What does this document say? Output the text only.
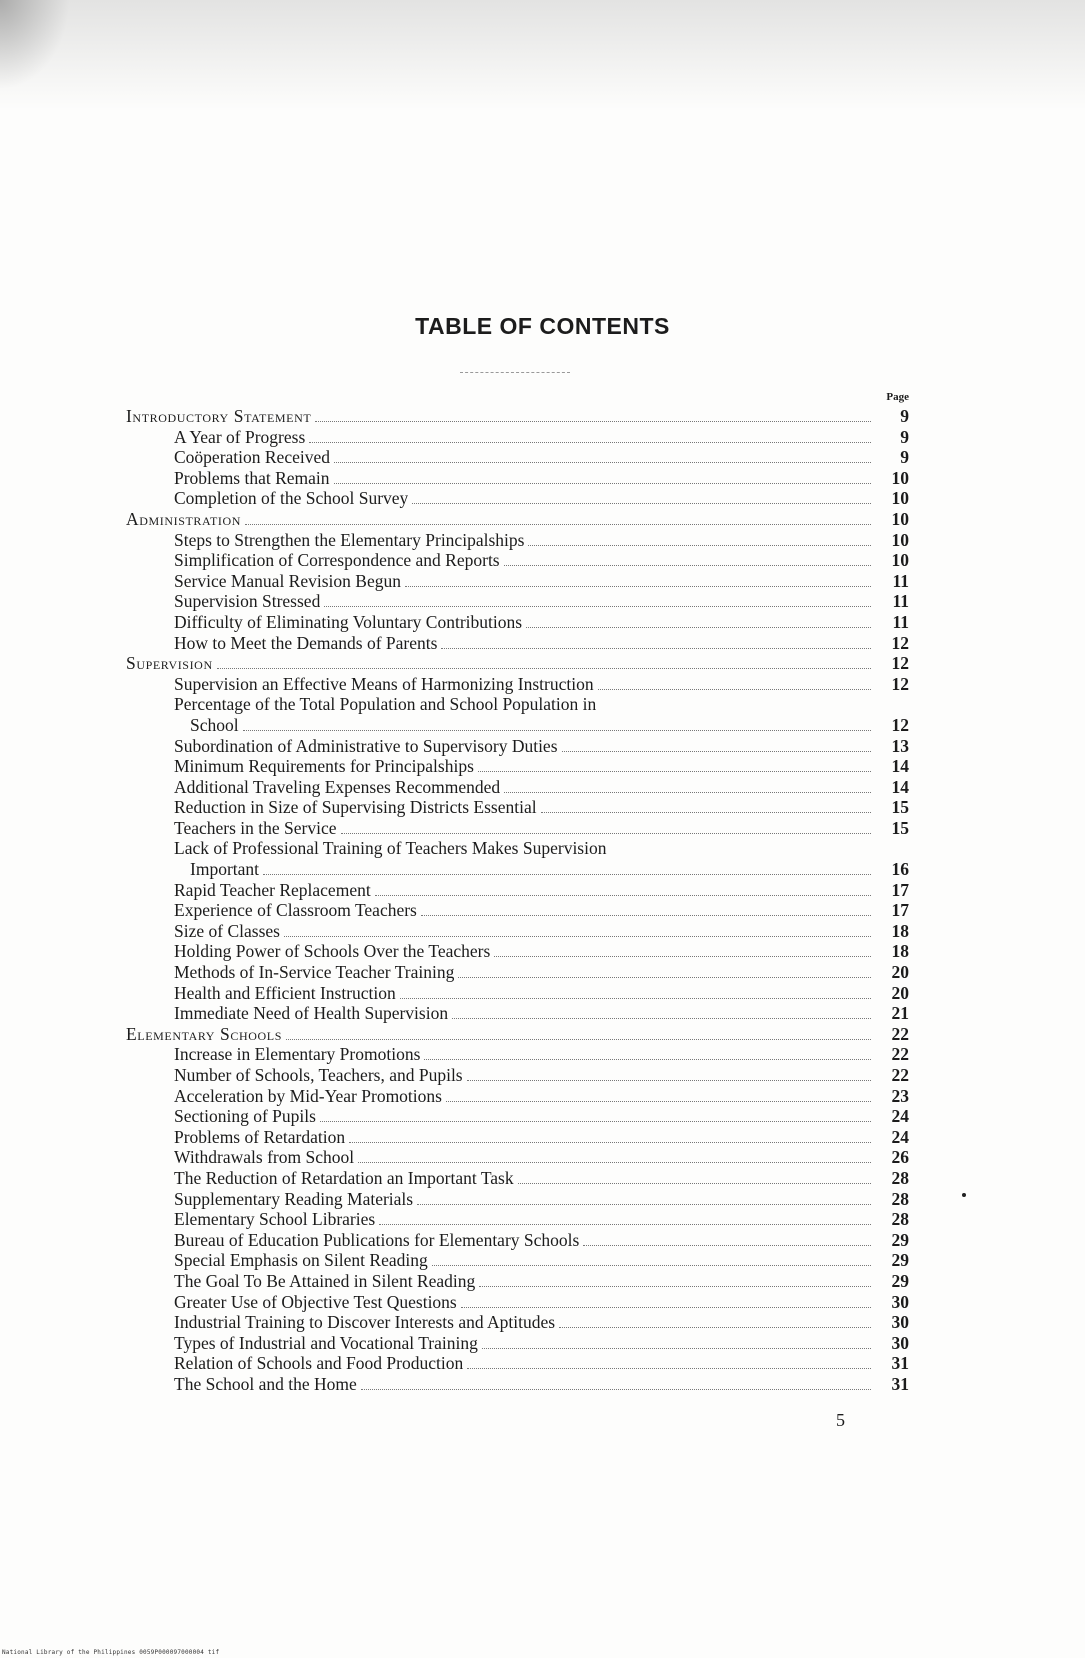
TABLE OF CONTENTS
Page
Introductory Statement	9
A Year of Progress	9
Coöperation Received	9
Problems that Remain	10
Completion of the School Survey	10
Administration	10
Steps to Strengthen the Elementary Principalships	10
Simplification of Correspondence and Reports	10
Service Manual Revision Begun	11
Supervision Stressed	11
Difficulty of Eliminating Voluntary Contributions	11
How to Meet the Demands of Parents	12
Supervision	12
Supervision an Effective Means of Harmonizing Instruction	12
Percentage of the Total Population and School Population in
School	12
Subordination of Administrative to Supervisory Duties	13
Minimum Requirements for Principalships	14
Additional Traveling Expenses Recommended	14
Reduction in Size of Supervising Districts Essential	15
Teachers in the Service	15
Lack of Professional Training of Teachers Makes Supervision
Important	16
Rapid Teacher Replacement	17
Experience of Classroom Teachers	17
Size of Classes	18
Holding Power of Schools Over the Teachers	18
Methods of In-Service Teacher Training	20
Health and Efficient Instruction	20
Immediate Need of Health Supervision	21
Elementary Schools	22
Increase in Elementary Promotions	22
Number of Schools, Teachers, and Pupils	22
Acceleration by Mid-Year Promotions	23
Sectioning of Pupils	24
Problems of Retardation	24
Withdrawals from School	26
The Reduction of Retardation an Important Task	28
Supplementary Reading Materials	28
Elementary School Libraries	28
Bureau of Education Publications for Elementary Schools	29
Special Emphasis on Silent Reading	29
The Goal To Be Attained in Silent Reading	29
Greater Use of Objective Test Questions	30
Industrial Training to Discover Interests and Aptitudes	30
Types of Industrial and Vocational Training	30
Relation of Schools and Food Production	31
The School and the Home	31
5
National Library of the Philippines 0059P000097000004 tif
